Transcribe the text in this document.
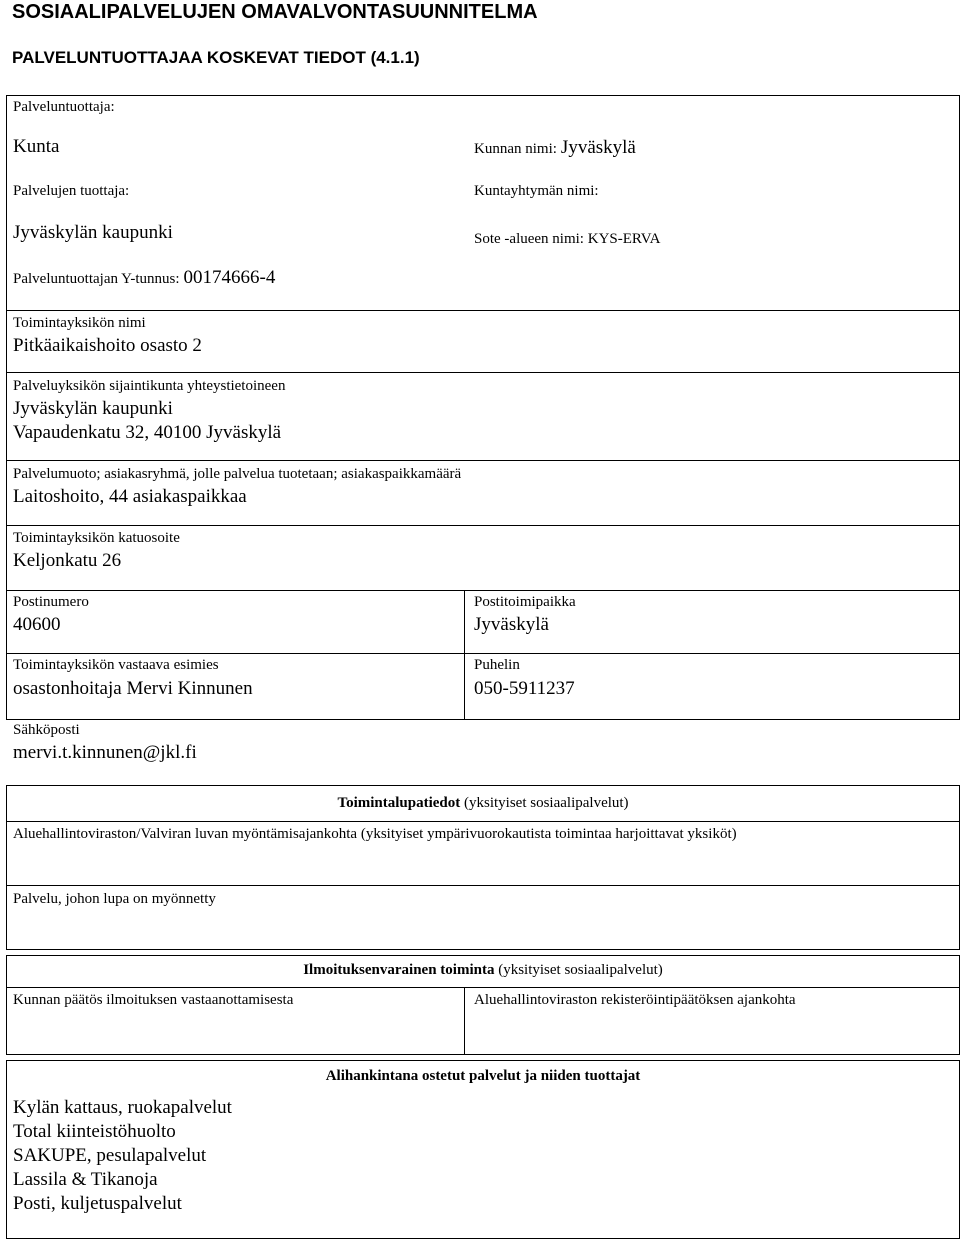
SOSIAALIPALVELUJEN OMAVALVONTASUUNNITELMA
PALVELUNTUOTTAJAA KOSKEVAT TIEDOT (4.1.1)
Palveluntuottaja:
Kunta
Palvelujen tuottaja:
Jyväskylän kaupunki
Kunnan nimi: Jyväskylä
Kuntayhtymän nimi:
Sote -alueen nimi: KYS-ERVA
Palveluntuottajan Y-tunnus: 00174666-4
Toimintayksikön nimi
Pitkäaikaishoito osasto 2
Palveluyksikön sijaintikunta yhteystietoineen
Jyväskylän kaupunki
Vapaudenkatu 32, 40100 Jyväskylä
Palvelumuoto; asiakasryhmä, jolle palvelua tuotetaan; asiakaspaikkamäärä
Laitoshoito, 44 asiakaspaikkaa
Toimintayksikön katuosoite
Keljonkatu 26
Postinumero
40600
Postitoimipaikka
Jyväskylä
Toimintayksikön vastaava esimies
osastonhoitaja Mervi Kinnunen
Puhelin
050-5911237
Sähköposti
mervi.t.kinnunen@jkl.fi
Toimintalupatiedot (yksityiset sosiaalipalvelut)
Aluehallintoviraston/Valviran luvan myöntämisajankohta (yksityiset ympärivuorokautista toimintaa harjoittavat yksiköt)
Palvelu, johon lupa on myönnetty
Ilmoituksenvarainen toiminta (yksityiset sosiaalipalvelut)
Kunnan päätös ilmoituksen vastaanottamisesta	Aluehallintoviraston rekisteröintipäätöksen ajankohta
Alihankintana ostetut palvelut ja niiden tuottajat
Kylän kattaus, ruokapalvelut
Total kiinteistöhuolto
SAKUPE, pesulapalvelut
Lassila & Tikanoja
Posti, kuljetuspalvelut
